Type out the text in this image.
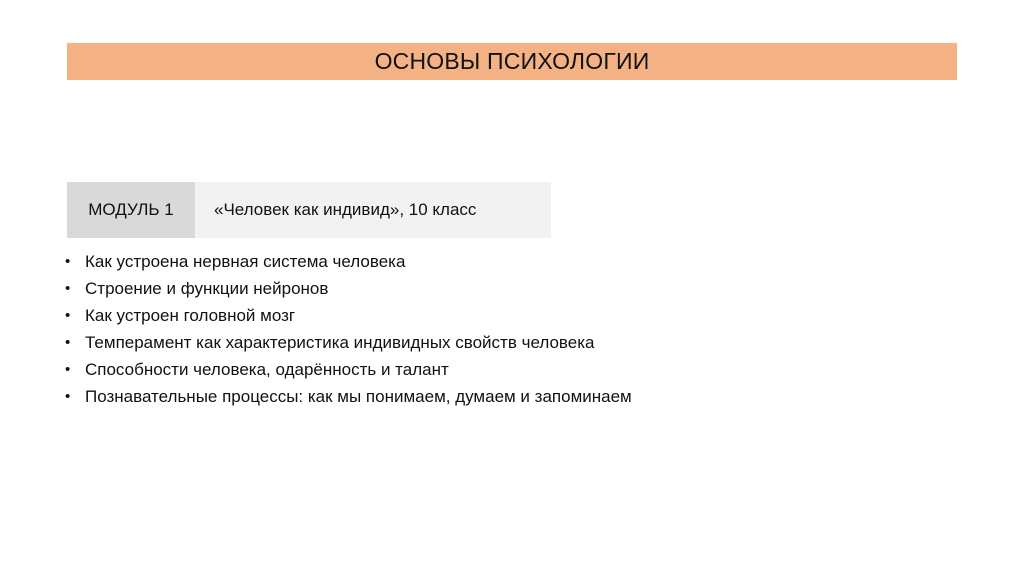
ОСНОВЫ ПСИХОЛОГИИ
МОДУЛЬ 1	«Человек как индивид», 10 класс
• Как устроена нервная система человека
• Строение и функции нейронов
• Как устроен головной мозг
• Темперамент как характеристика индивидных свойств человека
• Способности человека, одарённость и талант
• Познавательные процессы: как мы понимаем, думаем и запоминаем
